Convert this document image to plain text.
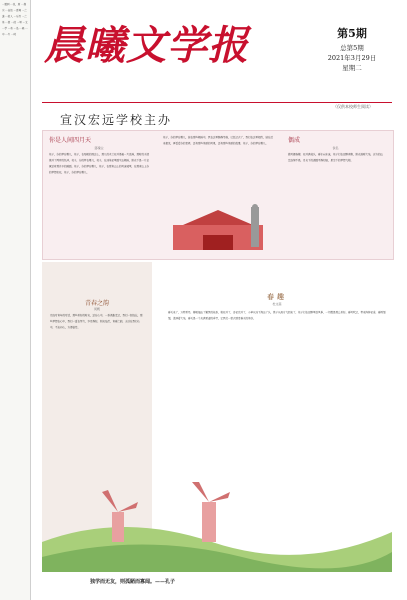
…题间 …谈，原 …现实 …自然 …意境 …之道 …的人 …乐等 …之美 …意 …的 …里 …文 …学 …有 …品 …晚 …中 …生 …时 晨曦文学报	第5期
总第5期
2021年3月29日
星期二
宣汉宏远学校主办
（仅供本校师生阅读）
你是人间四月天
落魂尘
孩子，你的梦在哪儿，孩子，在梨树的周边上，那儿的木兰花开得最一片浪漫，那时的天就像开了两岸的色泽。孩子，你的梦在哪儿，孩子，在油菜花里面生出朝霞，阳光下是一片金黄还有那许多的画面。孩子，你的梦在哪儿，孩子，在那青山上的风流城里，在那青山上你的梦想如花，孩子，你的梦在哪儿。
孩子，你的梦在哪儿，她在那些朝霞中，我在这里静静等候，已经过去了，我们在这里相约，她在后来相见，再看看你的世界，还有那些美丽的风景，还有那些美丽的故事，孩子，你的梦在哪儿。	偶成
佚名
微风拂杨柳，花开满枝头，春水向东流，孩子们在田野奔跑，阳光温暖大地，远方的山峦连绵不绝，月光下的湖面平静如镜，星空下的梦想飞翔。
青春之韵
何帆
完成对青年的对话，那些美好的时光，还在心中，一条条路走过，我们一起成长，那些梦想在心中，我们一直在努力，岁月静好，阳光灿烂，青春之韵，永远在我们心中，不忘初心，方得始终。
春趣
杜文茜
春天来了，万物复苏，柳树抽出了嫩绿的枝条，桃花开了，杏花也开了，小草从地下探出了头，燕子从南方飞回来了，孩子们在田野里放风筝，一切都是那么美好。春风吹过，带来阵阵花香，春雨细细，滋润着大地，春天是一个充满希望的季节，让我们一起去感受春天的美好。
独学而无友，则孤陋而寡闻。——孔子
